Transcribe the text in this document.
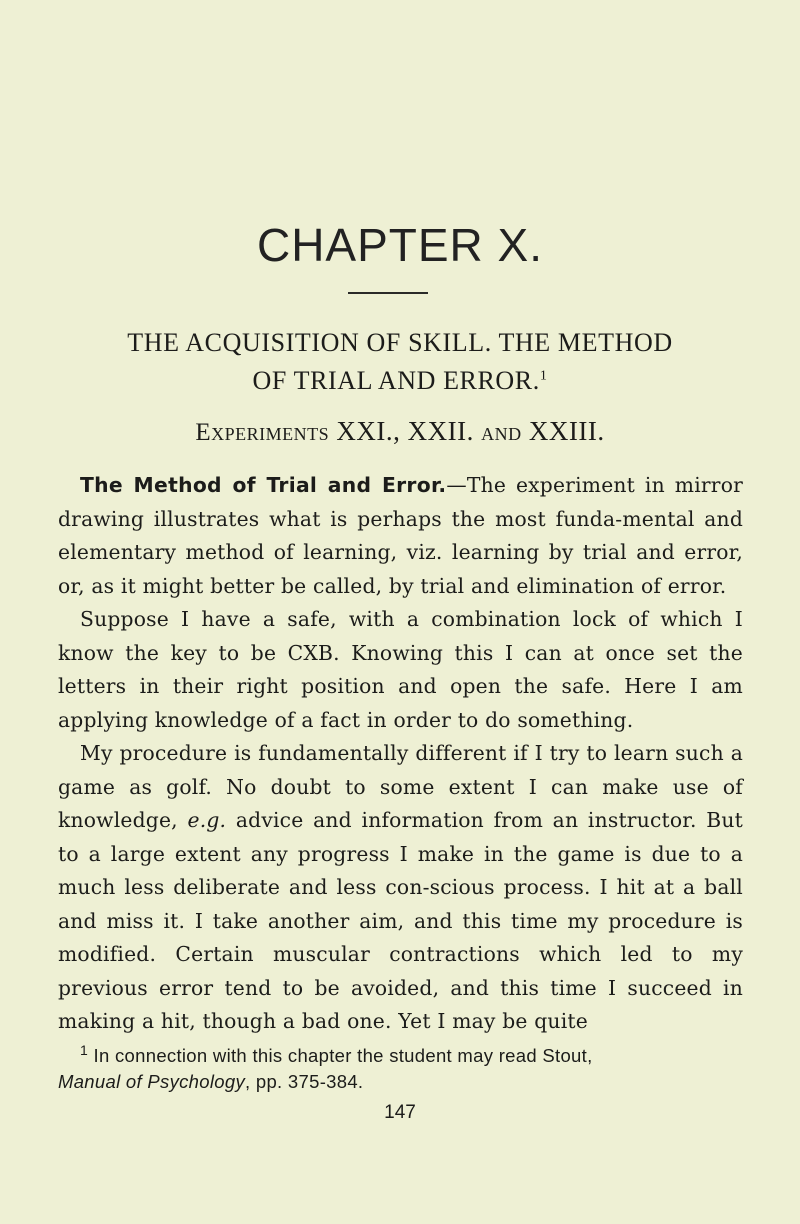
CHAPTER X.
THE ACQUISITION OF SKILL. THE METHOD
OF TRIAL AND ERROR.$^1$
Experiments XXI., XXII. and XXIII.

The Method of Trial and Error.—The experiment in mirror drawing illustrates what is perhaps the most funda-mental and elementary method of learning, viz. learning by trial and error, or, as it might better be called, by trial and elimination of error.

Suppose I have a safe, with a combination lock of which I know the key to be CXB. Knowing this I can at once set the letters in their right position and open the safe. Here I am applying knowledge of a fact in order to do something.

My procedure is fundamentally different if I try to learn such a game as golf. No doubt to some extent I can make use of knowledge, e.g. advice and information from an instructor. But to a large extent any progress I make in the game is due to a much less deliberate and less con-scious process. I hit at a ball and miss it. I take another aim, and this time my procedure is modified. Certain muscular contractions which led to my previous error tend to be avoided, and this time I succeed in making a hit, though a bad one. Yet I may be quite

$^1$ In connection with this chapter the student may read Stout,
Manual of Psychology, pp. 375-384.
147
